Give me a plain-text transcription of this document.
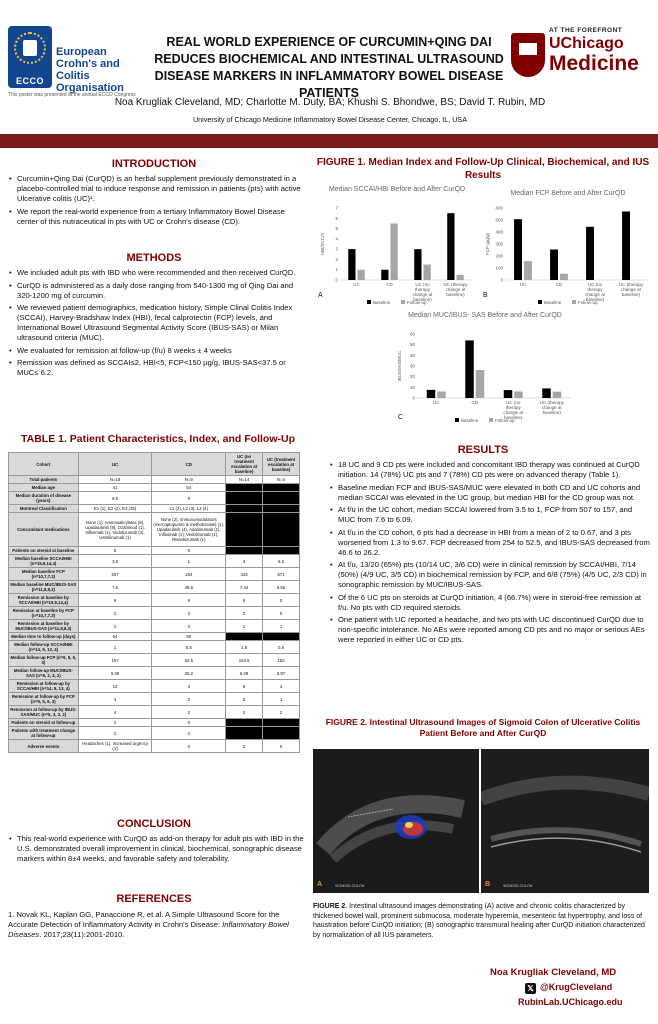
ECCO
European Crohn's and Colitis Organisation
This poster was presented at the annual ECCO Congress
REAL WORLD EXPERIENCE OF CURCUMIN+QING DAI REDUCES BIOCHEMICAL AND INTESTINAL ULTRASOUND DISEASE MARKERS IN INFLAMMATORY BOWEL DISEASE PATIENTS
Noa Krugliak Cleveland, MD; Charlotte M. Duty, BA; Khushi S. Bhondwe, BS; David T. Rubin, MD
University of Chicago Medicine Inflammatory Bowel Disease Center, Chicago, IL, USA
AT THE FOREFRONT
UChicago
Medicine
INTRODUCTION
• Curcumin+Qing Dai (CurQD) is an herbal supplement previously demonstrated in a placebo-controlled trial to induce response and remission in patients (pts) with active Ulcerative colitis (UC)¹.
• We report the real-world experience from a tertiary Inflammatory Bowel Disease center of this nutraceutical in pts with UC or Crohn's disease (CD).
METHODS
• We included adult pts with IBD who were recommended and then received CurQD.
• CurQD is administered as a daily dose ranging from 540-1300 mg of Qing Dai and 320-1200 mg of curcumin.
• We reviewed patient demographics, medication history, Simple Clinal Colitis Index (SCCAI), Harvey-Bradshaw Index (HBI), fecal calprotectin (FCP) levels, and International Bowel Ultrasound Segmental Activity Score (IBUS-SAS) or Milan ultrasound criteria (MUC).
• We evaluated for remission at follow-up (f/u) 8 weeks ± 4 weeks
• Remission was defined as SCCAI≤2, HBI<5, FCP<150 µg/g, IBUS-SAS<37.5 or MUC≤ 6.2.
TABLE 1. Patient Characteristics, Index, and Follow-Up
Cohort	UC	CD	UC (no treatment escalation at baseline)	UC (treatment escalation at baseline)
Total patients	N=18	N=9	N=14	N=4
Median age	41	54		
Median duration of disease (years)	9.5	9		
Montreal Classification	E1 (1), E2 (2), E3 (15)	L1 (2), L2 (3), L3 (4)		
Concomitant medications	None (1), Aminosalicylates (8), Upadacitinib (8), Ozanimod (1), Infliximab (1), Vedolizumab (3), Ustekinumab (1)	None (2), Immunomodulators (mercaptopurine & methotrexate) (1), Upadacitinib (4), Adalimumab (1), Infliximab (1), Vedolizumab (1), Risankizumab (1)		
Patients on steroid at baseline	6	0		
Median baseline SCCAI/HBI (n=15,9,14,4)	3.5	1	3	6.5
Median baseline FCP (n=10,7,7,3)	507	254	443	571
Median baseline MUC/IBUS-SAS (n=11,8,8,3)	7.6	46.6	7.44	5.65
Remission at baseline by SCCAI/HBI (n=15,9,14,4)	6	6	6	0
Remission at baseline by FCP (n=10,7,7,3)	2	3	2	0
Remission at baseline by MUC/IBUS-SAS (n=11,8,8,3)	2	3	1	1
Median time to follow-up (days)	54	50		
Median follow-up SCCAI/HBI (n=14, 9, 13, 4)	1	5.5	1.5	0.5
Median follow-up FCP (n=9, 5, 6, 3)	157	52.5	163.5	152
Median follow-up MUC/IBUS-SAS (n=5, 2, 3, 2)	6.09	26.2	6.09	5.97
Remission at follow-up by SCCAI/HBI (n=14, 9, 13, 4)	13	3	9	4
Remission at follow-up by FCP (n=9, 5, 6, 3)	4	3	3	1
Remission at follow-up by IBUS-SAS/MUC (n=5, 3, 3, 2)	4	2	2	2
Patients on steroid at follow-up	2	0		
Patients with treatment change at follow-up	2	2		
Adverse events	Headaches (1), Increased urgency (1)	0	2	0
CONCLUSION
• This real-world experience with CurQD as add-on therapy for adult pts with IBD in the U.S. demonstrated overall improvement in clinical, biochemical, sonographic disease markers within 8±4 weeks, and favorable safety and tolerability.
REFERENCES
1. Novak KL, Kaplan GG, Panaccione R, et al. A Simple Ultrasound Score for the Accurate Detection of Inflammatory Activity in Crohn's Disease: Inflammatory Bowel Diseases. 2017;23(11):2001-2010.
FIGURE 1. Median Index and Follow-Up Clinical, Biochemical, and IUS Results
Median SCCAI/HBI Before and After CurQD
0
1
2
3
4
5
6
7
HBI/SCCAI
UC	CD	UC (no
therapy
change at
baseline)
UC (therapy
change at
baseline)
Baseline	Follow-up
A
Median FCP Before and After CurQD
0
100
200
300
400
500
600
FCP (µg/g)
UC	CD	UC (no
therapy
change at
baseline)
UC (therapy
change at
baseline)
Baseline	Follow-up
B
Median MUC/IBUS- SAS Before and After CurQD
0
10
20
30
40
50
60
IBUSSAS/MUC
UC	CD	UC (no
therapy
change at
baseline)
UC (therapy
change at
baseline)
Baseline	Follow-up
C
RESULTS
• 18 UC and 9 CD pts were included and concomitant IBD therapy was continued at CurQD initiation. 14 (78%) UC pts and 7 (78%) CD pts were on advanced therapy (Table 1).
• Baseline median FCP and IBUS-SAS/MUC were elevated in both CD and UC cohorts and median SCCAI was elevated in the UC group, but median HBI for the CD group was not.
• At f/u in the UC cohort, median SCCAI lowered from 3.5 to 1, FCP from 507 to 157, and MUC from 7.6 to 6.09.
• At f/u in the CD cohort, 6 pts had a decrease in HBI from a mean of 2 to 0.67, and 3 pts worsened from 1.3 to 9.67. FCP decreased from 254 to 52.5, and IBUS-SAS decreased from 46.6 to 26.2.
• At f/u, 13/20 (65%) pts (10/14 UC, 3/6 CD) were in clinical remission by SCCAI/HBI, 7/14 (50%) (4/9 UC, 3/5 CD) in biochemical remission by FCP, and 6/8 (75%) (4/5 UC, 2/3 CD) in sonographic remission by MUC/IBUS-SAS.
• Of the 6 UC pts on steroids at CurQD initiation, 4 (66.7%) were in steroid-free remission at f/u. No pts with CD required steroids.
• One patient with UC reported a headache, and two pts with UC discontinued CurQD due to non-specific intolerance. No AEs were reported among CD pts and no major or serious AEs were reported in either UC or CD pts.
FIGURE 2. Intestinal Ultrasound Images of Sigmoid Colon of Ulcerative Colitis Patient Before and After CurQD
A	SIGMOID COLON	B	SIGMOID COLON
FIGURE 2. Intestinal ultrasound images demonstrating (A) active and chronic colitis characterized by thickened bowel wall, prominent submucosa, moderate hyperemia, mesenteric fat hypertrophy, and loss of haustration before CurQD initiation; (B) sonographic transmural healing after CurQD initiation characterized by normalization of all IUS parameters.
Noa Krugliak Cleveland, MD
𝕏 @KrugCleveland
RubinLab.UChicago.edu
